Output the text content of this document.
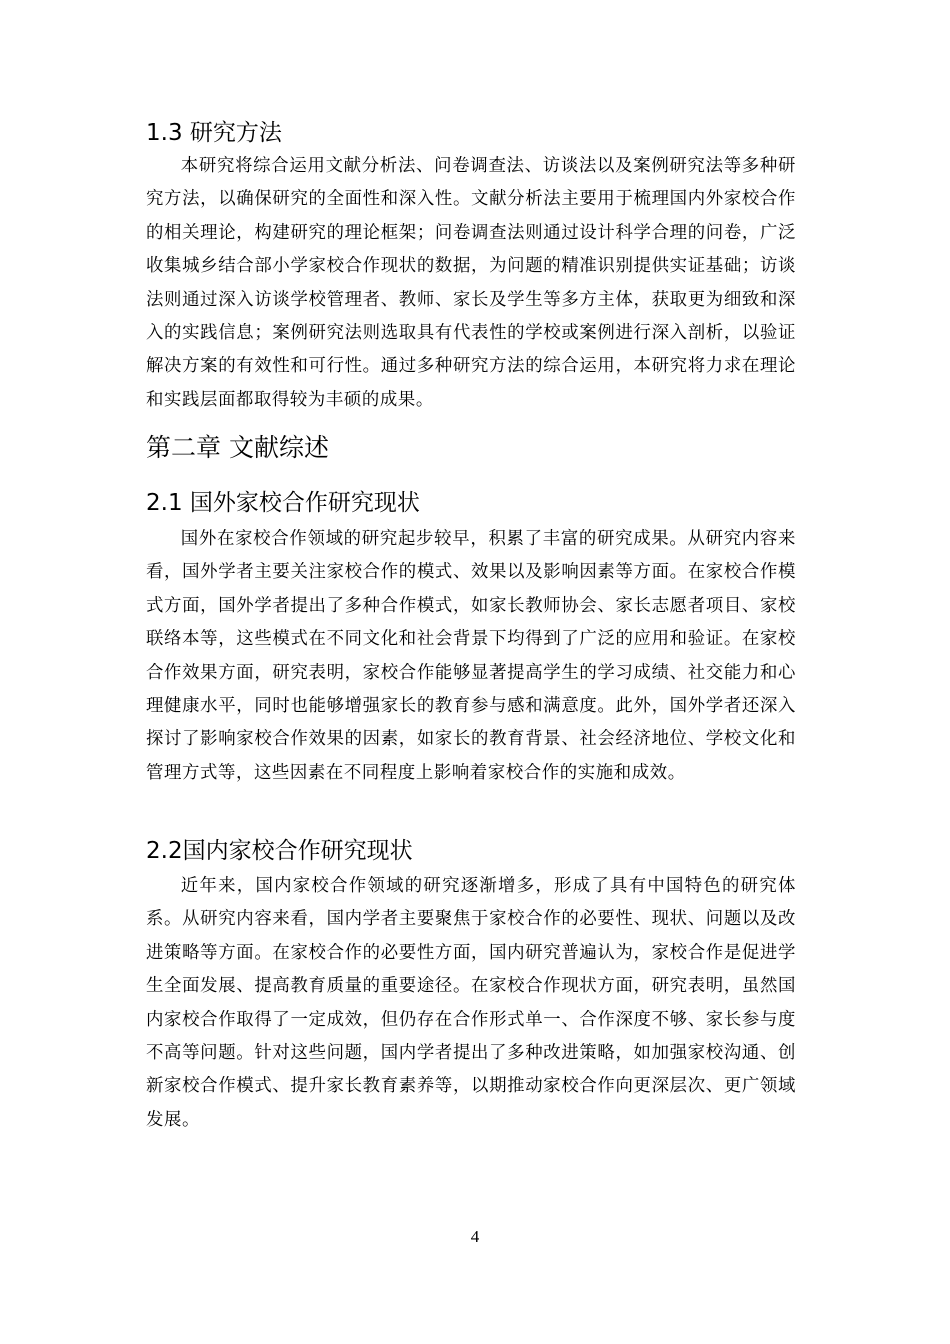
1.3 研究方法

本研究将综合运用文献分析法、问卷调查法、访谈法以及案例研究法等多种研究方法，以确保研究的全面性和深入性。文献分析法主要用于梳理国内外家校合作的相关理论，构建研究的理论框架；问卷调查法则通过设计科学合理的问卷，广泛收集城乡结合部小学家校合作现状的数据，为问题的精准识别提供实证基础；访谈法则通过深入访谈学校管理者、教师、家长及学生等多方主体，获取更为细致和深入的实践信息；案例研究法则选取具有代表性的学校或案例进行深入剖析，以验证解决方案的有效性和可行性。通过多种研究方法的综合运用，本研究将力求在理论和实践层面都取得较为丰硕的成果。

第二章 文献综述
2.1 国外家校合作研究现状

国外在家校合作领域的研究起步较早，积累了丰富的研究成果。从研究内容来看，国外学者主要关注家校合作的模式、效果以及影响因素等方面。在家校合作模式方面，国外学者提出了多种合作模式，如家长教师协会、家长志愿者项目、家校联络本等，这些模式在不同文化和社会背景下均得到了广泛的应用和验证。在家校合作效果方面，研究表明，家校合作能够显著提高学生的学习成绩、社交能力和心理健康水平，同时也能够增强家长的教育参与感和满意度。此外，国外学者还深入探讨了影响家校合作效果的因素，如家长的教育背景、社会经济地位、学校文化和管理方式等，这些因素在不同程度上影响着家校合作的实施和成效。

2.2国内家校合作研究现状

近年来，国内家校合作领域的研究逐渐增多，形成了具有中国特色的研究体系。从研究内容来看，国内学者主要聚焦于家校合作的必要性、现状、问题以及改进策略等方面。在家校合作的必要性方面，国内研究普遍认为，家校合作是促进学生全面发展、提高教育质量的重要途径。在家校合作现状方面，研究表明，虽然国内家校合作取得了一定成效，但仍存在合作形式单一、合作深度不够、家长参与度不高等问题。针对这些问题，国内学者提出了多种改进策略，如加强家校沟通、创新家校合作模式、提升家长教育素养等，以期推动家校合作向更深层次、更广领域发展。

4
